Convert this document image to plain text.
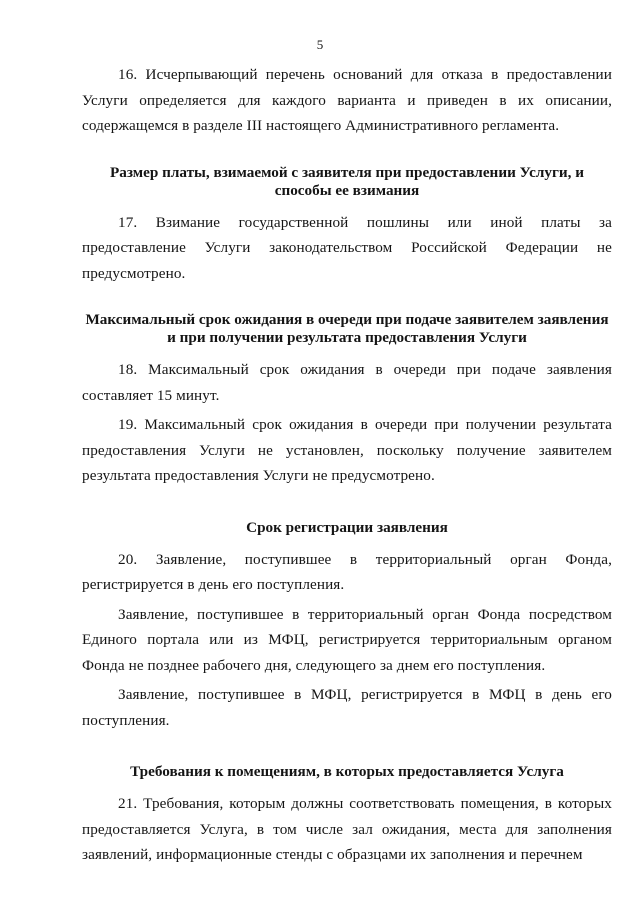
5

16. Исчерпывающий перечень оснований для отказа в предоставлении Услуги определяется для каждого варианта и приведен в их описании, содержащемся в разделе III настоящего Административного регламента.

Размер платы, взимаемой с заявителя при предоставлении Услуги, и способы ее взимания

17. Взимание государственной пошлины или иной платы за предоставление Услуги законодательством Российской Федерации не предусмотрено.

Максимальный срок ожидания в очереди при подаче заявителем заявления и при получении результата предоставления Услуги

18. Максимальный срок ожидания в очереди при подаче заявления составляет 15 минут.

19. Максимальный срок ожидания в очереди при получении результата предоставления Услуги не установлен, поскольку получение заявителем результата предоставления Услуги не предусмотрено.

Срок регистрации заявления

20. Заявление, поступившее в территориальный орган Фонда, регистрируется в день его поступления.

Заявление, поступившее в территориальный орган Фонда посредством Единого портала или из МФЦ, регистрируется территориальным органом Фонда не позднее рабочего дня, следующего за днем его поступления.

Заявление, поступившее в МФЦ, регистрируется в МФЦ в день его поступления.

Требования к помещениям, в которых предоставляется Услуга

21. Требования, которым должны соответствовать помещения, в которых предоставляется Услуга, в том числе зал ожидания, места для заполнения заявлений, информационные стенды с образцами их заполнения и перечнем
